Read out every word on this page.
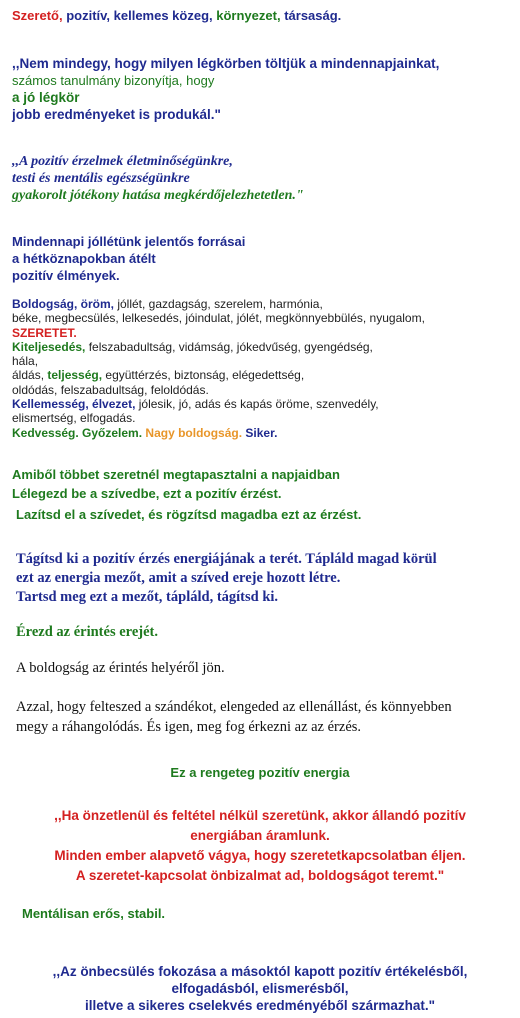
Szerető, pozitív, kellemes közeg, környezet, társaság.
,,Nem mindegy, hogy milyen légkörben töltjük a mindennapjainkat,
számos tanulmány bizonyítja, hogy
a jó légkör
jobb eredményeket is produkál."
,,A pozitív érzelmek életminőségünkre,
testi és mentális egészségünkre
gyakorolt jótékony hatása megkérdőjelezhetetlen."
Mindennapi jóllétünk jelentős forrásai
a hétköznapokban átélt
pozitív élmények.
Boldogság, öröm, jóllét, gazdagság, szerelem, harmónia,
béke, megbecsülés, lelkesedés, jóindulat, jólét, megkönnyebbülés, nyugalom,
SZERETET.
Kiteljesedés, felszabadultság, vidámság, jókedvűség, gyengédség,
hála,
áldás, teljesség, együttérzés, biztonság, elégedettség,
oldódás, felszabadultság, feloldódás.
Kellemesség, élvezet, jólesik, jó, adás és kapás öröme, szenvedély,
elismertség, elfogadás.
Kedvesség. Győzelem. Nagy boldogság. Siker.
Amiből többet szeretnél megtapasztalni a napjaidban
Lélegezd be a szívedbe, ezt a pozitív érzést.
Lazítsd el a szívedet, és rögzítsd magadba ezt az érzést.
Tágítsd ki a pozitív érzés energiájának a terét. Tápláld magad körül
ezt az energia mezőt, amit a szíved ereje hozott létre.
Tartsd meg ezt a mezőt, tápláld, tágítsd ki.
Érezd az érintés erejét.
A boldogság az érintés helyéről jön.
Azzal, hogy felteszed a szándékot, elengeded az ellenállást, és könnyebben
megy a ráhangolódás. És igen, meg fog érkezni az az érzés.
Ez a rengeteg pozitív energia
,,Ha önzetlenül és feltétel nélkül szeretünk, akkor állandó pozitív
energiában áramlunk.
Minden ember alapvető vágya, hogy szeretetkapcsolatban éljen.
A szeretet-kapcsolat önbizalmat ad, boldogságot teremt."
Mentálisan erős, stabil.
,,Az önbecsülés fokozása a másoktól kapott pozitív értékelésből,
elfogadásból, elismerésből,
illetve a sikeres cselekvés eredményéből származhat."
